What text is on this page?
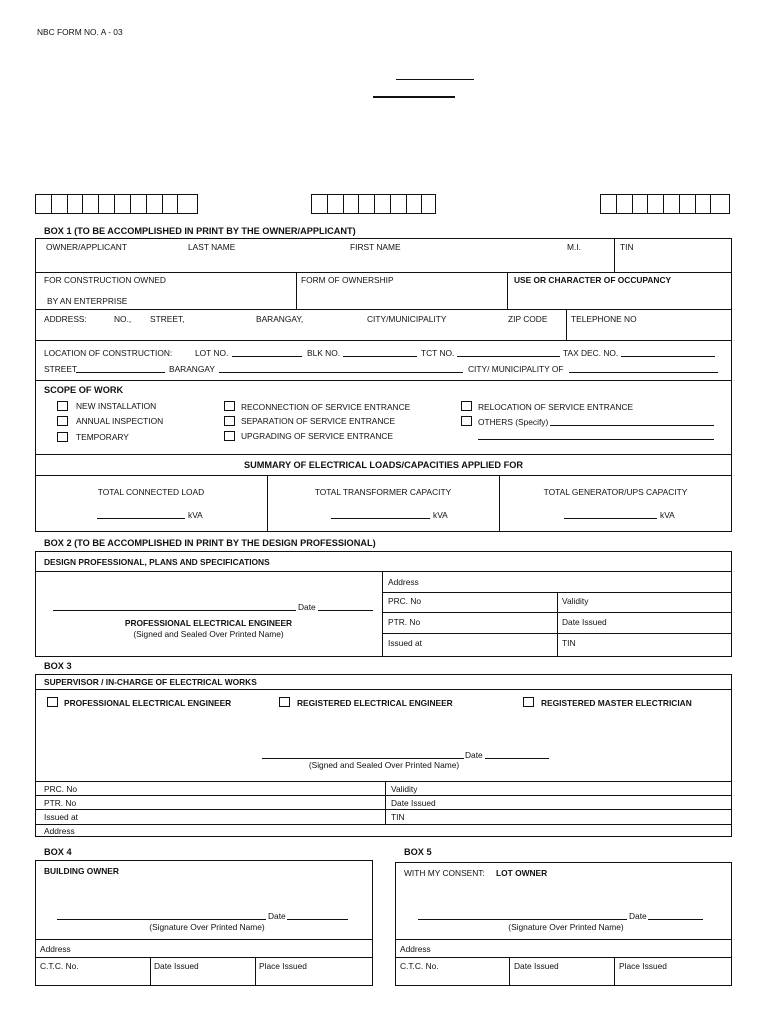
NBC FORM NO. A - 03
BOX 1 (TO BE ACCOMPLISHED IN PRINT BY THE OWNER/APPLICANT)
OWNER/APPLICANT	LAST NAME	FIRST NAME	M.I.	TIN
FOR CONSTRUCTION OWNED
BY AN ENTERPRISE
FORM OF OWNERSHIP	USE OR CHARACTER OF OCCUPANCY
ADDRESS:	NO., STREET,	BARANGAY,	CITY/MUNICIPALITY	ZIP CODE	TELEPHONE NO
LOCATION OF CONSTRUCTION:	LOT NO.	BLK NO.	TCT NO.	TAX DEC. NO.
STREET	BARANGAY	CITY/ MUNICIPALITY OF
SCOPE OF WORK
NEW INSTALLATION
ANNUAL INSPECTION
TEMPORARY
RECONNECTION OF SERVICE ENTRANCE
SEPARATION OF SERVICE ENTRANCE
UPGRADING OF SERVICE ENTRANCE
RELOCATION OF SERVICE ENTRANCE
OTHERS (Specify)
SUMMARY OF ELECTRICAL LOADS/CAPACITIES APPLIED FOR
TOTAL CONNECTED LOAD	TOTAL TRANSFORMER CAPACITY	TOTAL GENERATOR/UPS CAPACITY
kVA	kVA	kVA
BOX 2 (TO BE ACCOMPLISHED IN PRINT BY THE DESIGN PROFESSIONAL)
DESIGN PROFESSIONAL, PLANS AND SPECIFICATIONS
Date
PROFESSIONAL ELECTRICAL ENGINEER
(Signed and Sealed Over Printed Name)
Address
PRC. No	Validity
PTR. No	Date Issued
Issued at	TIN
BOX 3
SUPERVISOR / IN-CHARGE OF ELECTRICAL WORKS
PROFESSIONAL ELECTRICAL ENGINEER	REGISTERED ELECTRICAL ENGINEER	REGISTERED MASTER ELECTRICIAN
Date
(Signed and Sealed Over Printed Name)
PRC. No	Validity
PTR. No	Date Issued
Issued at	TIN
Address
BOX 4
BUILDING OWNER
Date
(Signature Over Printed Name)
Address
C.T.C. No.	Date Issued	Place Issued
BOX 5
WITH MY CONSENT: LOT OWNER
Date
(Signature Over Printed Name)
Address
C.T.C. No.	Date Issued	Place Issued
